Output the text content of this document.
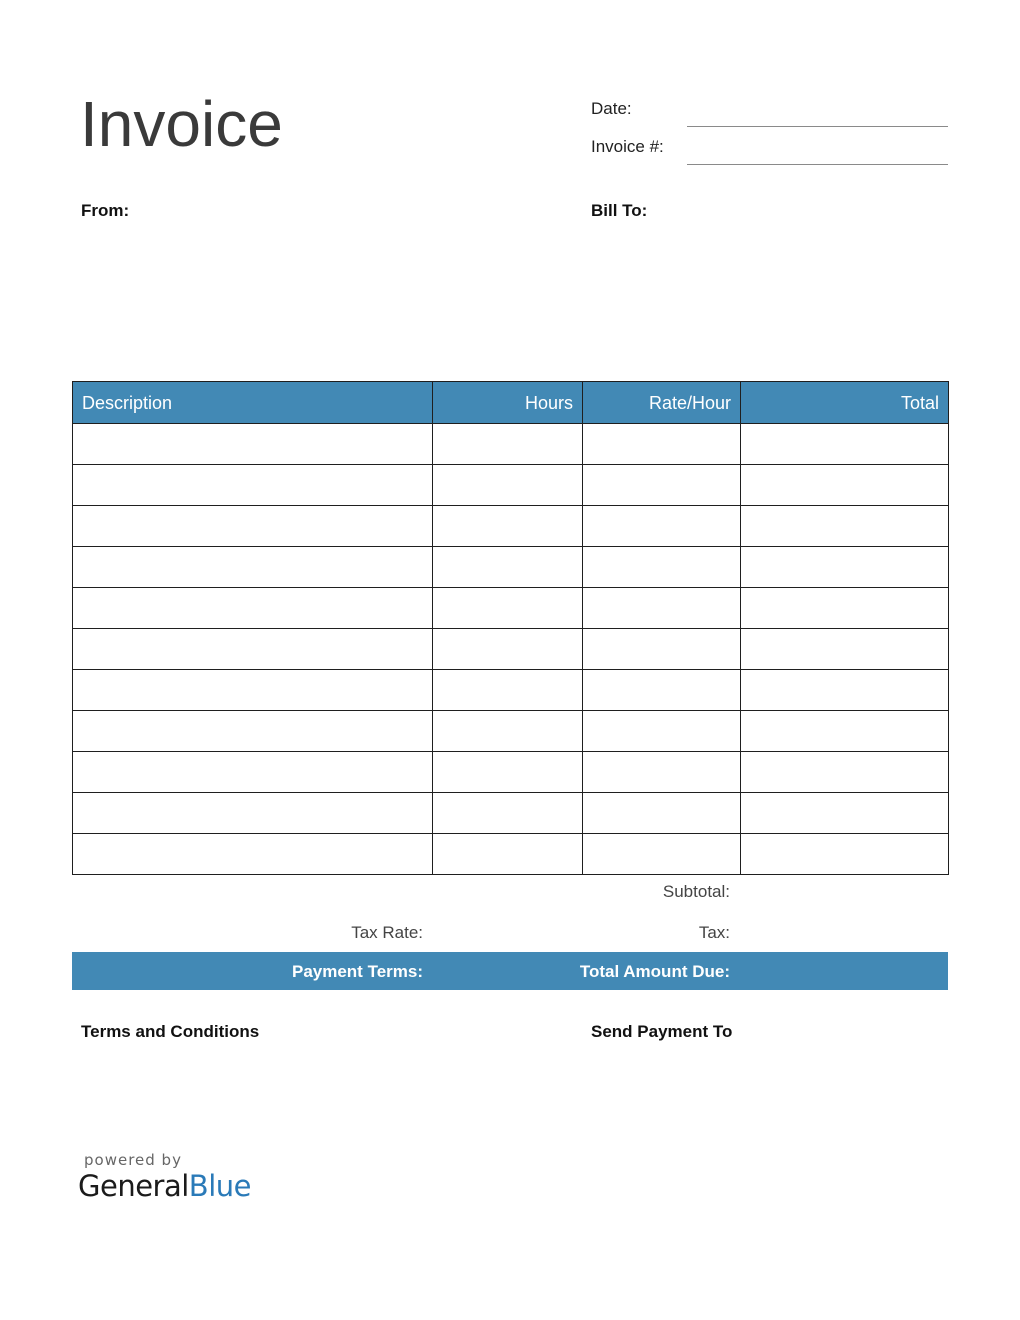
Invoice	Date:
Invoice #:
From:	Bill To:
Description	Hours	Rate/Hour	Total

Subtotal:
Tax Rate:	Tax:
Payment Terms:	Total Amount Due:
Terms and Conditions	Send Payment To
powered by
GeneralBlue
